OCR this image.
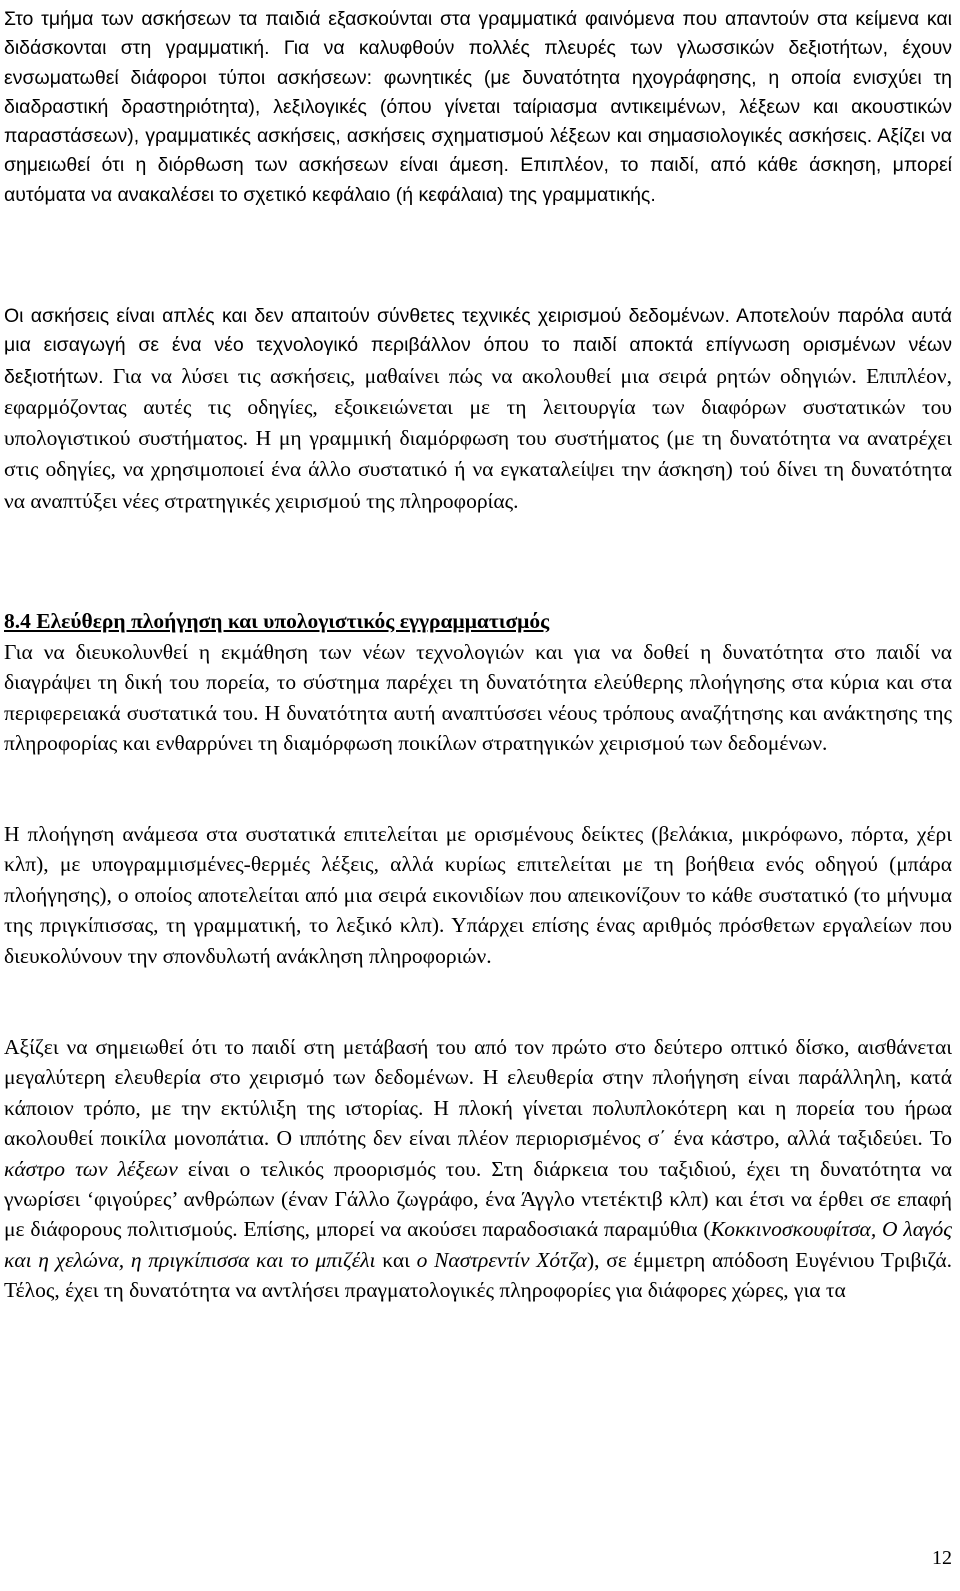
Στο τμήμα των ασκήσεων τα παιδιά εξασκούνται στα γραμματικά φαινόμενα που απαντούν στα κείμενα και διδάσκονται στη γραμματική. Για να καλυφθούν πολλές πλευρές των γλωσσικών δεξιοτήτων, έχουν ενσωματωθεί διάφοροι τύποι ασκήσεων: φωνητικές (με δυνατότητα ηχογράφησης, η οποία ενισχύει τη διαδραστική δραστηριότητα), λεξιλογικές (όπου γίνεται ταίριασμα αντικειμένων, λέξεων και ακουστικών παραστάσεων), γραμματικές ασκήσεις, ασκήσεις σχηματισμού λέξεων και σημασιολογικές ασκήσεις. Αξίζει να σημειωθεί ότι η διόρθωση των ασκήσεων είναι άμεση. Επιπλέον, το παιδί, από κάθε άσκηση, μπορεί αυτόματα να ανακαλέσει το σχετικό κεφάλαιο (ή κεφάλαια) της γραμματικής.

Οι ασκήσεις είναι απλές και δεν απαιτούν σύνθετες τεχνικές χειρισμού δεδομένων. Αποτελούν παρόλα αυτά μια εισαγωγή σε ένα νέο τεχνολογικό περιβάλλον όπου το παιδί αποκτά επίγνωση ορισμένων νέων δεξιοτήτων. Για να λύσει τις ασκήσεις, μαθαίνει πώς να ακολουθεί μια σειρά ρητών οδηγιών. Επιπλέον, εφαρμόζοντας αυτές τις οδηγίες, εξοικειώνεται με τη λειτουργία των διαφόρων συστατικών του υπολογιστικού συστήματος. Η μη γραμμική διαμόρφωση του συστήματος (με τη δυνατότητα να ανατρέχει στις οδηγίες, να χρησιμοποιεί ένα άλλο συστατικό ή να εγκαταλείψει την άσκηση) τού δίνει τη δυνατότητα να αναπτύξει νέες στρατηγικές χειρισμού της πληροφορίας.

8.4 Ελεύθερη πλοήγηση και υπολογιστικός εγγραμματισμός

Για να διευκολυνθεί η εκμάθηση των νέων τεχνολογιών και για να δοθεί η δυνατότητα στο παιδί να διαγράψει τη δική του πορεία, το σύστημα παρέχει τη δυνατότητα ελεύθερης πλοήγησης στα κύρια και στα περιφερειακά συστατικά του. Η δυνατότητα αυτή αναπτύσσει νέους τρόπους αναζήτησης και ανάκτησης της πληροφορίας και ενθαρρύνει τη διαμόρφωση ποικίλων στρατηγικών χειρισμού των δεδομένων.

Η πλοήγηση ανάμεσα στα συστατικά επιτελείται με ορισμένους δείκτες (βελάκια, μικρόφωνο, πόρτα, χέρι κλπ), με υπογραμμισμένες-θερμές λέξεις, αλλά κυρίως επιτελείται με τη βοήθεια ενός οδηγού (μπάρα πλοήγησης), ο οποίος αποτελείται από μια σειρά εικονιδίων που απεικονίζουν το κάθε συστατικό (το μήνυμα της πριγκίπισσας, τη γραμματική, το λεξικό κλπ). Υπάρχει επίσης ένας αριθμός πρόσθετων εργαλείων που διευκολύνουν την σπονδυλωτή ανάκληση πληροφοριών.

Αξίζει να σημειωθεί ότι το παιδί στη μετάβασή του από τον πρώτο στο δεύτερο οπτικό δίσκο, αισθάνεται μεγαλύτερη ελευθερία στο χειρισμό των δεδομένων. Η ελευθερία στην πλοήγηση είναι παράλληλη, κατά κάποιον τρόπο, με την εκτύλιξη της ιστορίας. Η πλοκή γίνεται πολυπλοκότερη και η πορεία του ήρωα ακολουθεί ποικίλα μονοπάτια. Ο ιππότης δεν είναι πλέον περιορισμένος σ΄ ένα κάστρο, αλλά ταξιδεύει. Το κάστρο των λέξεων είναι ο τελικός προορισμός του. Στη διάρκεια του ταξιδιού, έχει τη δυνατότητα να γνωρίσει ‘φιγούρες’ ανθρώπων (έναν Γάλλο ζωγράφο, ένα Άγγλο ντετέκτιβ κλπ) και έτσι να έρθει σε επαφή με διάφορους πολιτισμούς. Επίσης, μπορεί να ακούσει παραδοσιακά παραμύθια (Κοκκινοσκουφίτσα, Ο λαγός και η χελώνα, η πριγκίπισσα και το μπιζέλι και ο Ναστρεντίν Χότζα), σε έμμετρη απόδοση Ευγένιου Τριβιζά. Τέλος, έχει τη δυνατότητα να αντλήσει πραγματολογικές πληροφορίες για διάφορες χώρες, για τα

12
